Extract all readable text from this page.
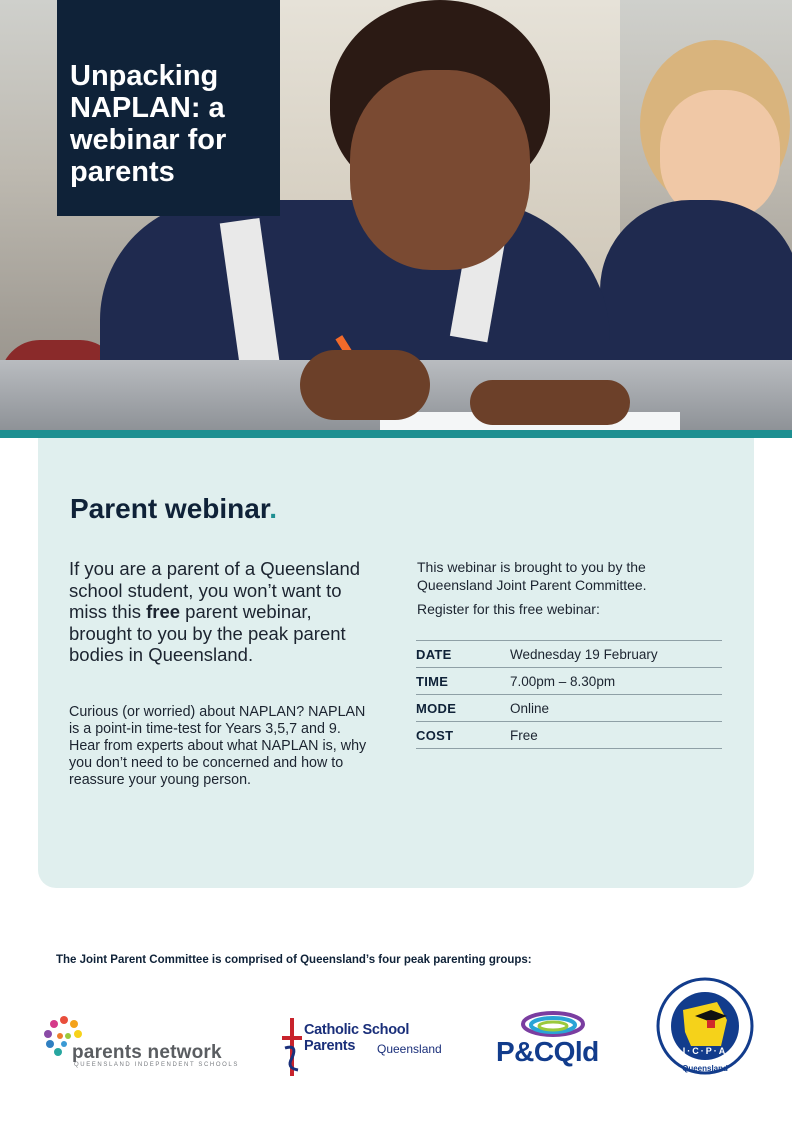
Unpacking NAPLAN: a webinar for parents
Parent webinar.

If you are a parent of a Queensland school student, you won’t want to miss this free parent webinar, brought to you by the peak parent bodies in Queensland.

Curious (or worried) about NAPLAN? NAPLAN is a point-in time-test for Years 3,5,7 and 9. Hear from experts about what NAPLAN is, why you don’t need to be concerned and how to reassure your young person.

This webinar is brought to you by the Queensland Joint Parent Committee.

Register for this free webinar:

DATE	Wednesday 19 February
TIME	7.00pm – 8.30pm
MODE	Online
COST	Free

The Joint Parent Committee is comprised of Queensland’s four peak parenting groups:

parents network
QUEENSLAND INDEPENDENT SCHOOLS
Catholic School Parents	Queensland P&CQld	I·C·P·A
Queensland
